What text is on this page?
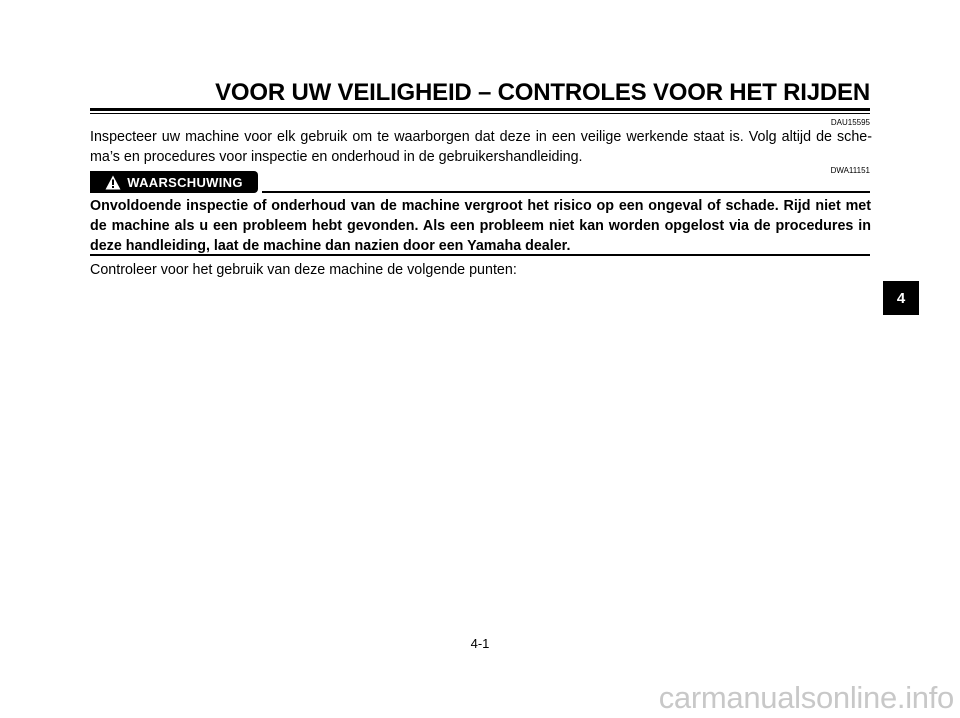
VOOR UW VEILIGHEID – CONTROLES VOOR HET RIJDEN
DAU15595

Inspecteer uw machine voor elk gebruik om te waarborgen dat deze in een veilige werkende staat is. Volg altijd de schema’s en procedures voor inspectie en onderhoud in de gebruikershandleiding.

DWA11151
WAARSCHUWING

Onvoldoende inspectie of onderhoud van de machine vergroot het risico op een ongeval of schade. Rijd niet met de machine als u een probleem hebt gevonden. Als een probleem niet kan worden opgelost via de procedures in deze handleiding, laat de machine dan nazien door een Yamaha dealer.

Controleer voor het gebruik van deze machine de volgende punten:
4
4-1
carmanualsonline.info
